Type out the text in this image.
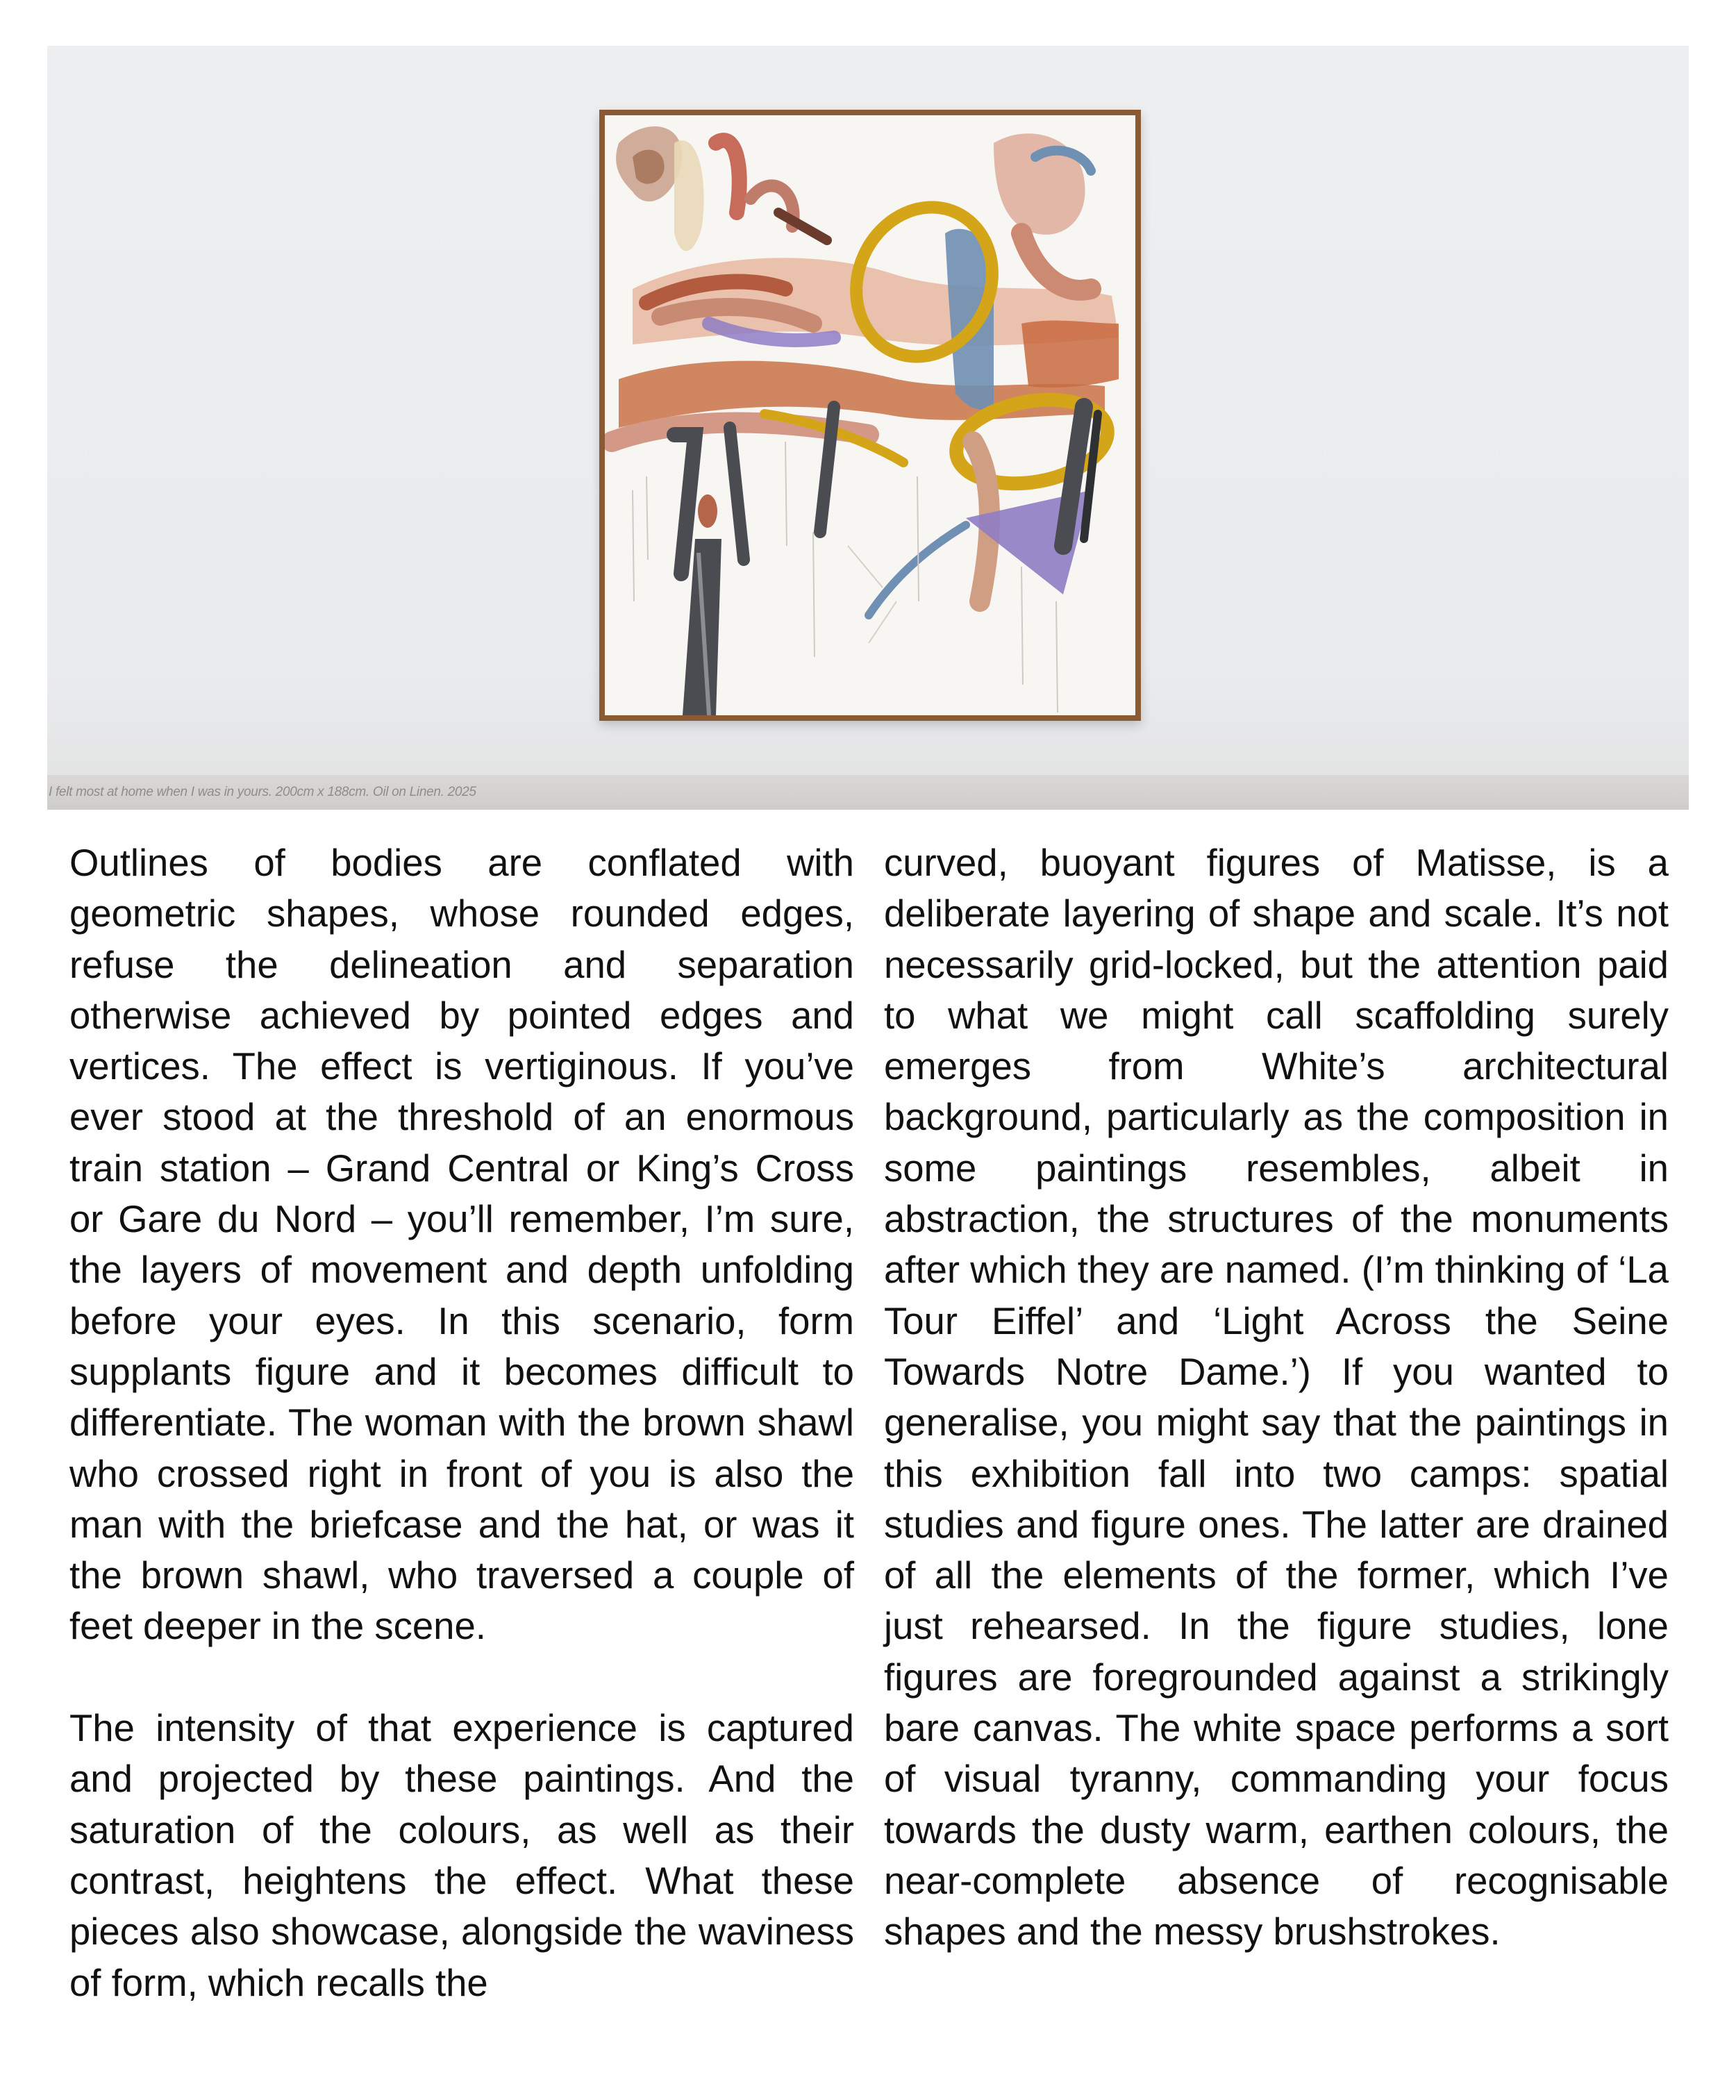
I felt most at home when I was in yours. 200cm x 188cm. Oil on Linen. 2025

Outlines of bodies are conflated with geometric shapes, whose rounded edges, refuse the delineation and separation otherwise achieved by pointed edges and vertices. The effect is vertiginous. If you’ve ever stood at the threshold of an enormous train station – Grand Central or King’s Cross or Gare du Nord – you’ll remember, I’m sure, the layers of movement and depth unfolding before your eyes. In this scenario, form supplants figure and it becomes difficult to differentiate. The woman with the brown shawl who crossed right in front of you is also the man with the briefcase and the hat, or was it the brown shawl, who traversed a couple of feet deeper in the scene.

The intensity of that experience is captured and projected by these paintings. And the saturation of the colours, as well as their contrast, heightens the effect. What these pieces also showcase, alongside the waviness of form, which recalls the

curved, buoyant figures of Matisse, is a deliberate layering of shape and scale. It’s not necessarily grid-locked, but the attention paid to what we might call scaffolding surely emerges from White’s architectural background, particularly as the composition in some paintings resembles, albeit in abstraction, the structures of the monuments after which they are named. (I’m thinking of ‘La Tour Eiffel’ and ‘Light Across the Seine Towards Notre Dame.’) If you wanted to generalise, you might say that the paintings in this exhibition fall into two camps: spatial studies and figure ones. The latter are drained of all the elements of the former, which I’ve just rehearsed. In the figure studies, lone figures are foregrounded against a strikingly bare canvas. The white space performs a sort of visual tyranny, commanding your focus towards the dusty warm, earthen colours, the near-complete absence of recognisable shapes and the messy brushstrokes.
